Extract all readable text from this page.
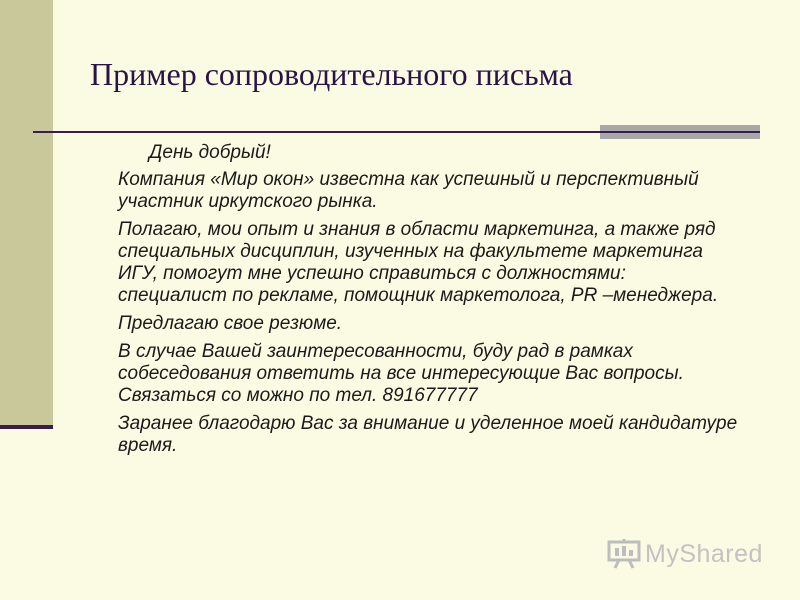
Пример сопроводительного письма

День добрый!

Компания «Мир окон» известна как успешный и перспективный участник иркутского рынка.

Полагаю, мои опыт и знания в области маркетинга, а также ряд специальных дисциплин, изученных на факультете маркетинга ИГУ, помогут мне успешно справиться с должностями: специалист по рекламе, помощник маркетолога, PR –менеджера.

Предлагаю свое резюме.

В случае Вашей заинтересованности, буду рад в рамках собеседования ответить на все интересующие Вас вопросы. Связаться со можно по тел. 891677777

Заранее благодарю Вас за внимание и уделенное моей кандидатуре время.

MyShared
